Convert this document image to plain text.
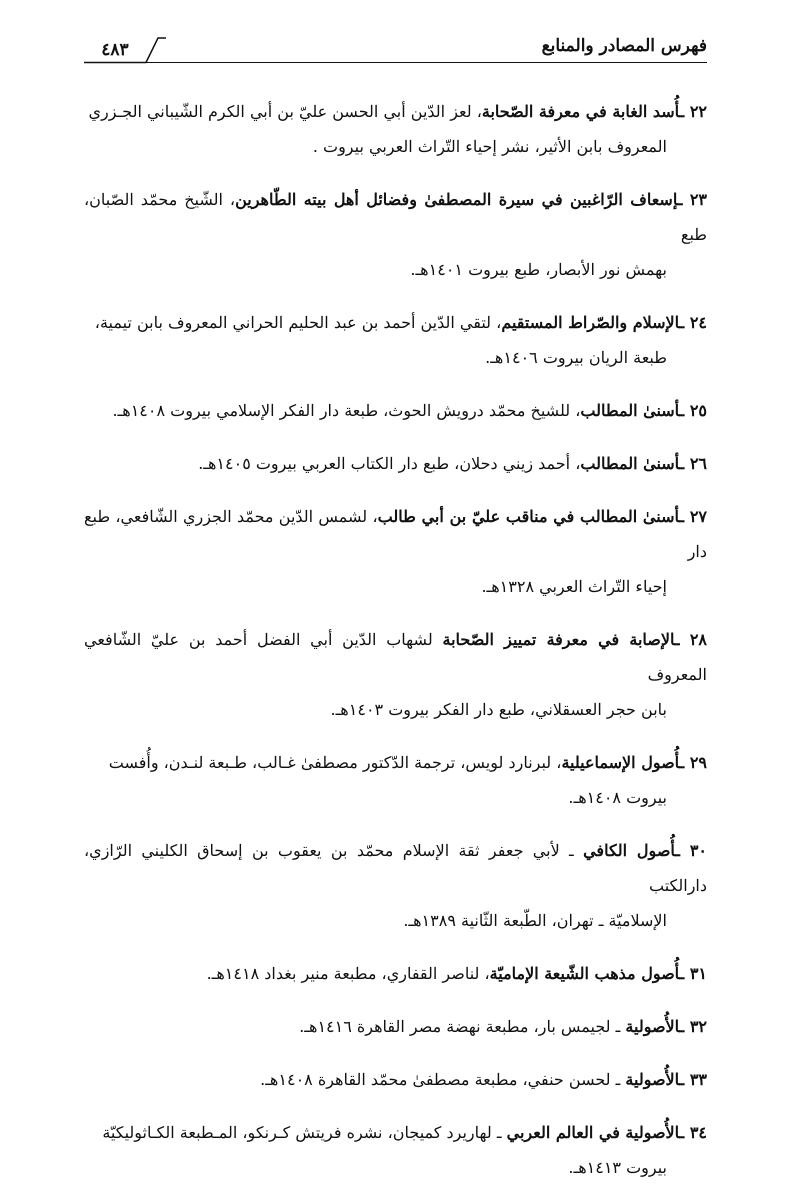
فهرس المصادر والمنابع
٤٨٣
٢٢ ـأُسد الغابة في معرفة الصّحابة، لعز الدّين أبي الحسن عليّ بن أبي الكرم الشّيباني الجـزري
المعروف بابن الأثير، نشر إحياء التّراث العربي بيروت .
٢٣ ـإسعاف الرّاغبين في سيرة المصطفىٰ وفضائل أهل بيته الطّاهرين، الشّيخ محمّد الصّبان، طبع
بهمش نور الأبصار، طبع بيروت ١٤٠١هـ.
٢٤ ـالإسلام والصّراط المستقيم، لتقي الدّين أحمد بن عبد الحليم الحراني المعروف بابن تيمية،
طبعة الريان بيروت ١٤٠٦هـ.
٢٥ ـأسنىٰ المطالب، للشيخ محمّد درويش الحوث، طبعة دار الفكر الإسلامي بيروت ١٤٠٨هـ.
٢٦ ـأسنىٰ المطالب، أحمد زيني دحلان، طبع دار الكتاب العربي بيروت ١٤٠٥هـ.
٢٧ ـأسنىٰ المطالب في مناقب عليّ بن أبي طالب، لشمس الدّين محمّد الجزري الشّافعي، طبع دار
إحياء التّراث العربي ١٣٢٨هـ.
٢٨ ـالإصابة في معرفة تمييز الصّحابة لشهاب الدّين أبي الفضل أحمد بن عليّ الشّافعي المعروف
بابن حجر العسقلاني، طبع دار الفكر بيروت ١٤٠٣هـ.
٢٩ ـأُصول الإسماعيلية، لبرنارد لويس، ترجمة الدّكتور مصطفىٰ غـالب، طـبعة لنـدن، وأُفست
بيروت ١٤٠٨هـ.
٣٠ ـأُصول الكافي ـ لأبي جعفر ثقة الإسلام محمّد بن يعقوب بن إسحاق الكليني الرّازي، دارالكتب
الإسلاميّة ـ تهران، الطّبعة الثّانية ١٣٨٩هـ.
٣١ ـأُصول مذهب الشّيعة الإماميّة، لناصر القفاري، مطبعة منير بغداد ١٤١٨هـ.
٣٢ ـالأُصولية ـ لجيمس بار، مطبعة نهضة مصر القاهرة ١٤١٦هـ.
٣٣ ـالأُصولية ـ لحسن حنفي، مطبعة مصطفىٰ محمّد القاهرة ١٤٠٨هـ.
٣٤ ـالأُصولية في العالم العربي ـ لهاريرد كميجان، نشره فريتش كـرنكو، المـطبعة الكـاثوليكيّة
بيروت ١٤١٣هـ.
